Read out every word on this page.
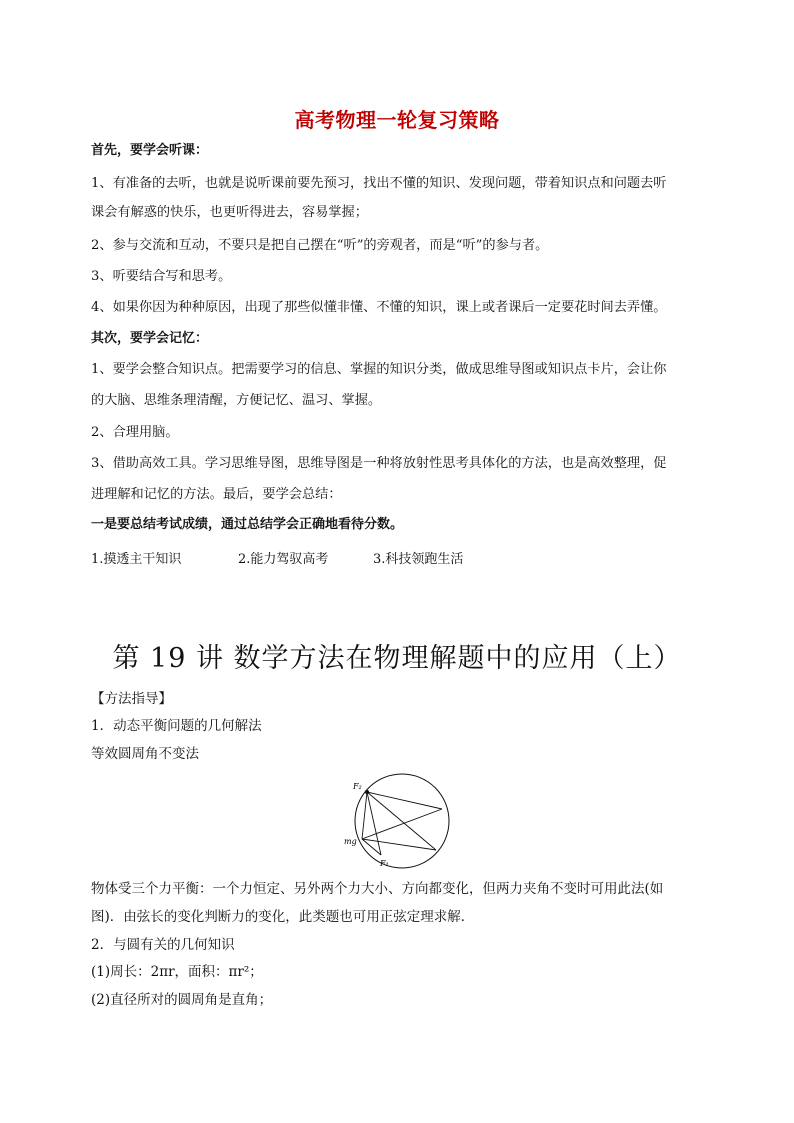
高考物理一轮复习策略
首先，要学会听课：
1、有准备的去听，也就是说听课前要先预习，找出不懂的知识、发现问题，带着知识点和问题去听
课会有解惑的快乐，也更听得进去，容易掌握；
2、参与交流和互动，不要只是把自己摆在“听”的旁观者，而是“听”的参与者。
3、听要结合写和思考。
4、如果你因为种种原因，出现了那些似懂非懂、不懂的知识，课上或者课后一定要花时间去弄懂。
其次，要学会记忆：
1、要学会整合知识点。把需要学习的信息、掌握的知识分类，做成思维导图或知识点卡片，会让你
的大脑、思维条理清醒，方便记忆、温习、掌握。
2、合理用脑。
3、借助高效工具。学习思维导图，思维导图是一种将放射性思考具体化的方法，也是高效整理，促
进理解和记忆的方法。最后，要学会总结：
一是要总结考试成绩，通过总结学会正确地看待分数。
1.摸透主干知识	2.能力驾驭高考	3.科技领跑生活
第 19 讲 数学方法在物理解题中的应用（上）
【方法指导】
1．动态平衡问题的几何解法
等效圆周角不变法
F₂
mg
F₁
物体受三个力平衡：一个力恒定、另外两个力大小、方向都变化，但两力夹角不变时可用此法(如
图)．由弦长的变化判断力的变化，此类题也可用正弦定理求解．
2．与圆有关的几何知识
(1)周长：2πr，面积：πr²；
(2)直径所对的圆周角是直角；
